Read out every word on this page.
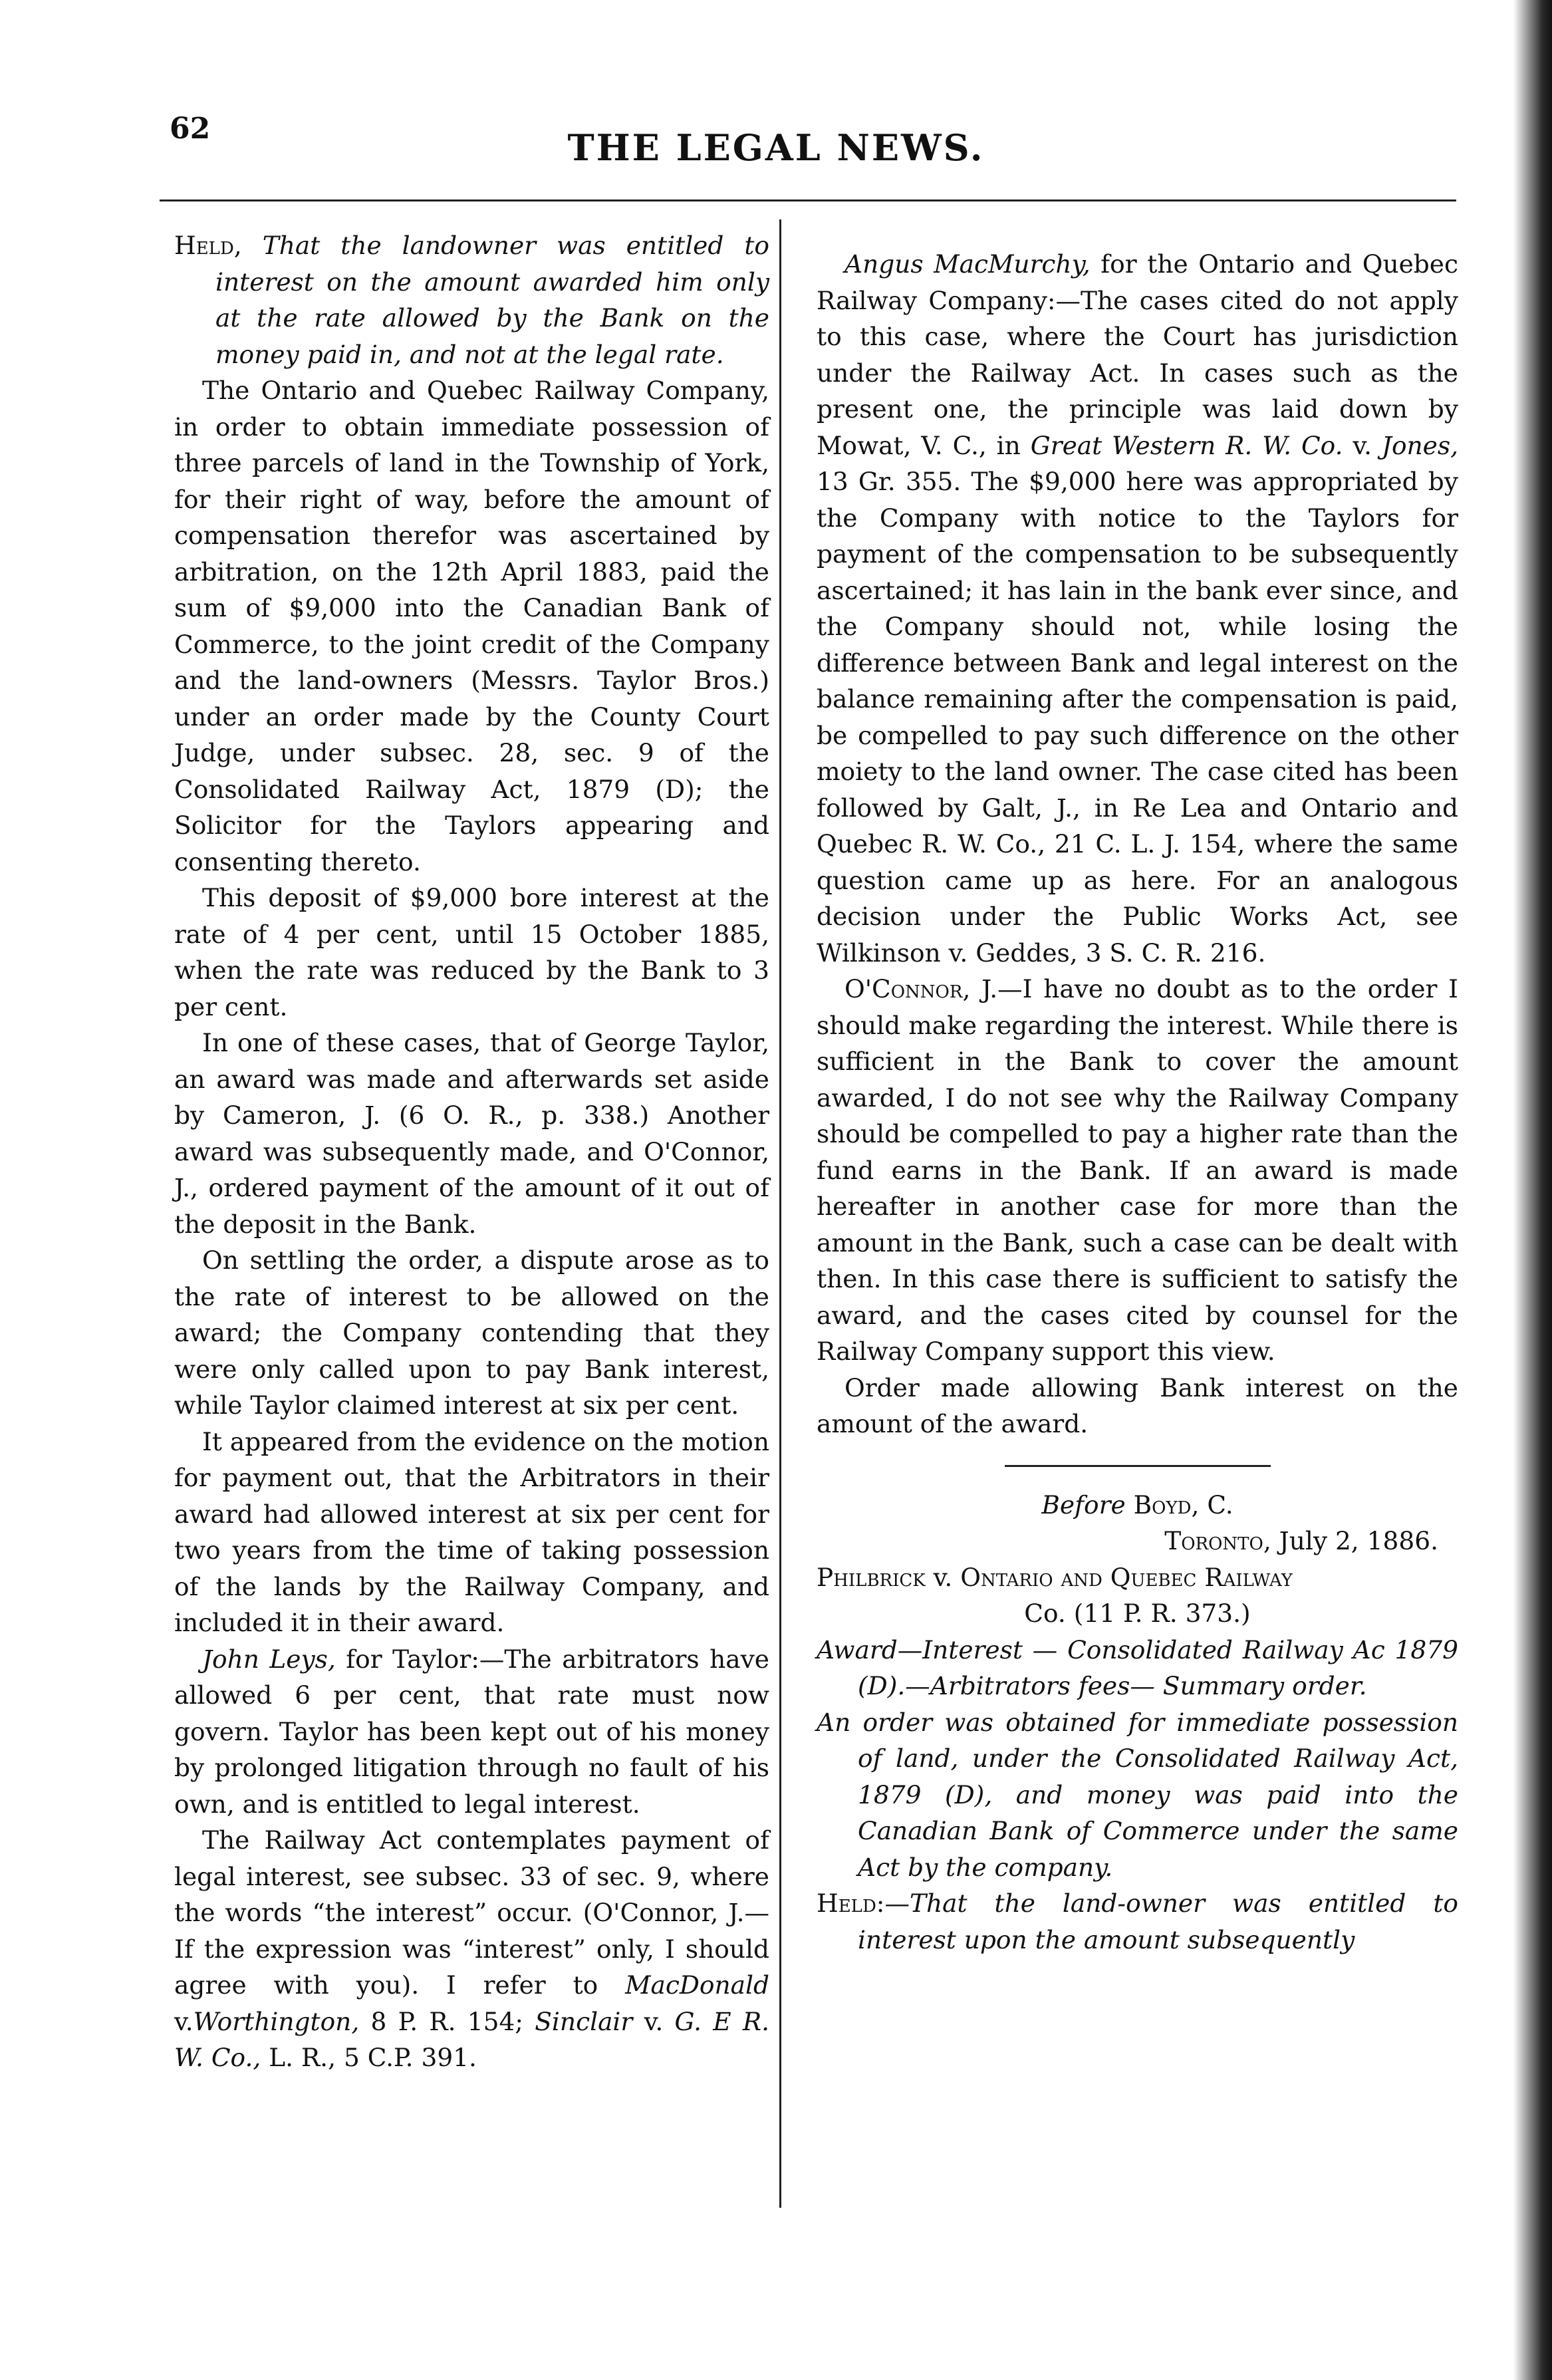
62	THE LEGAL NEWS.

Held, That the landowner was entitled to interest on the amount awarded him only at the rate allowed by the Bank on the money paid in, and not at the legal rate.

The Ontario and Quebec Railway Company, in order to obtain immediate possession of three parcels of land in the Township of York, for their right of way, before the amount of compensation therefor was ascertained by arbitration, on the 12th April 1883, paid the sum of $9,000 into the Canadian Bank of Commerce, to the joint credit of the Company and the land-owners (Messrs. Taylor Bros.) under an order made by the County Court Judge, under subsec. 28, sec. 9 of the Consolidated Railway Act, 1879 (D); the Solicitor for the Taylors appearing and consenting thereto.

This deposit of $9,000 bore interest at the rate of 4 per cent, until 15 October 1885, when the rate was reduced by the Bank to 3 per cent.

In one of these cases, that of George Taylor, an award was made and afterwards set aside by Cameron, J. (6 O. R., p. 338.) Another award was subsequently made, and O'Connor, J., ordered payment of the amount of it out of the deposit in the Bank.

On settling the order, a dispute arose as to the rate of interest to be allowed on the award; the Company contending that they were only called upon to pay Bank interest, while Taylor claimed interest at six per cent.

It appeared from the evidence on the motion for payment out, that the Arbitrators in their award had allowed interest at six per cent for two years from the time of taking possession of the lands by the Railway Company, and included it in their award.

John Leys, for Taylor:—The arbitrators have allowed 6 per cent, that rate must now govern. Taylor has been kept out of his money by prolonged litigation through no fault of his own, and is entitled to legal interest.

The Railway Act contemplates payment of legal interest, see subsec. 33 of sec. 9, where the words “the interest” occur. (O'Connor, J.—If the expression was “interest” only, I should agree with you). I refer to MacDonald v.Worthington, 8 P. R. 154; Sinclair v. G. E R. W. Co., L. R., 5 C.P. 391.

Angus MacMurchy, for the Ontario and Quebec Railway Company:—The cases cited do not apply to this case, where the Court has jurisdiction under the Railway Act. In cases such as the present one, the principle was laid down by Mowat, V. C., in Great Western R. W. Co. v. Jones, 13 Gr. 355. The $9,000 here was appropriated by the Company with notice to the Taylors for payment of the compensation to be subsequently ascertained; it has lain in the bank ever since, and the Company should not, while losing the difference between Bank and legal interest on the balance remaining after the compensation is paid, be compelled to pay such difference on the other moiety to the land owner. The case cited has been followed by Galt, J., in Re Lea and Ontario and Quebec R. W. Co., 21 C. L. J. 154, where the same question came up as here. For an analogous decision under the Public Works Act, see Wilkinson v. Geddes, 3 S. C. R. 216.

O'Connor, J.—I have no doubt as to the order I should make regarding the interest. While there is sufficient in the Bank to cover the amount awarded, I do not see why the Railway Company should be compelled to pay a higher rate than the fund earns in the Bank. If an award is made hereafter in another case for more than the amount in the Bank, such a case can be dealt with then. In this case there is sufficient to satisfy the award, and the cases cited by counsel for the Railway Company support this view.

Order made allowing Bank interest on the amount of the award.

Before Boyd, C.

Toronto, July 2, 1886.

Philbrick v. Ontario and Quebec Railway

Co. (11 P. R. 373.)

Award—Interest — Consolidated Railway Ac 1879 (D).—Arbitrators fees— Summary order.

An order was obtained for immediate possession of land, under the Consolidated Railway Act, 1879 (D), and money was paid into the Canadian Bank of Commerce under the same Act by the company.

Held:—That the land-owner was entitled to interest upon the amount subsequently
